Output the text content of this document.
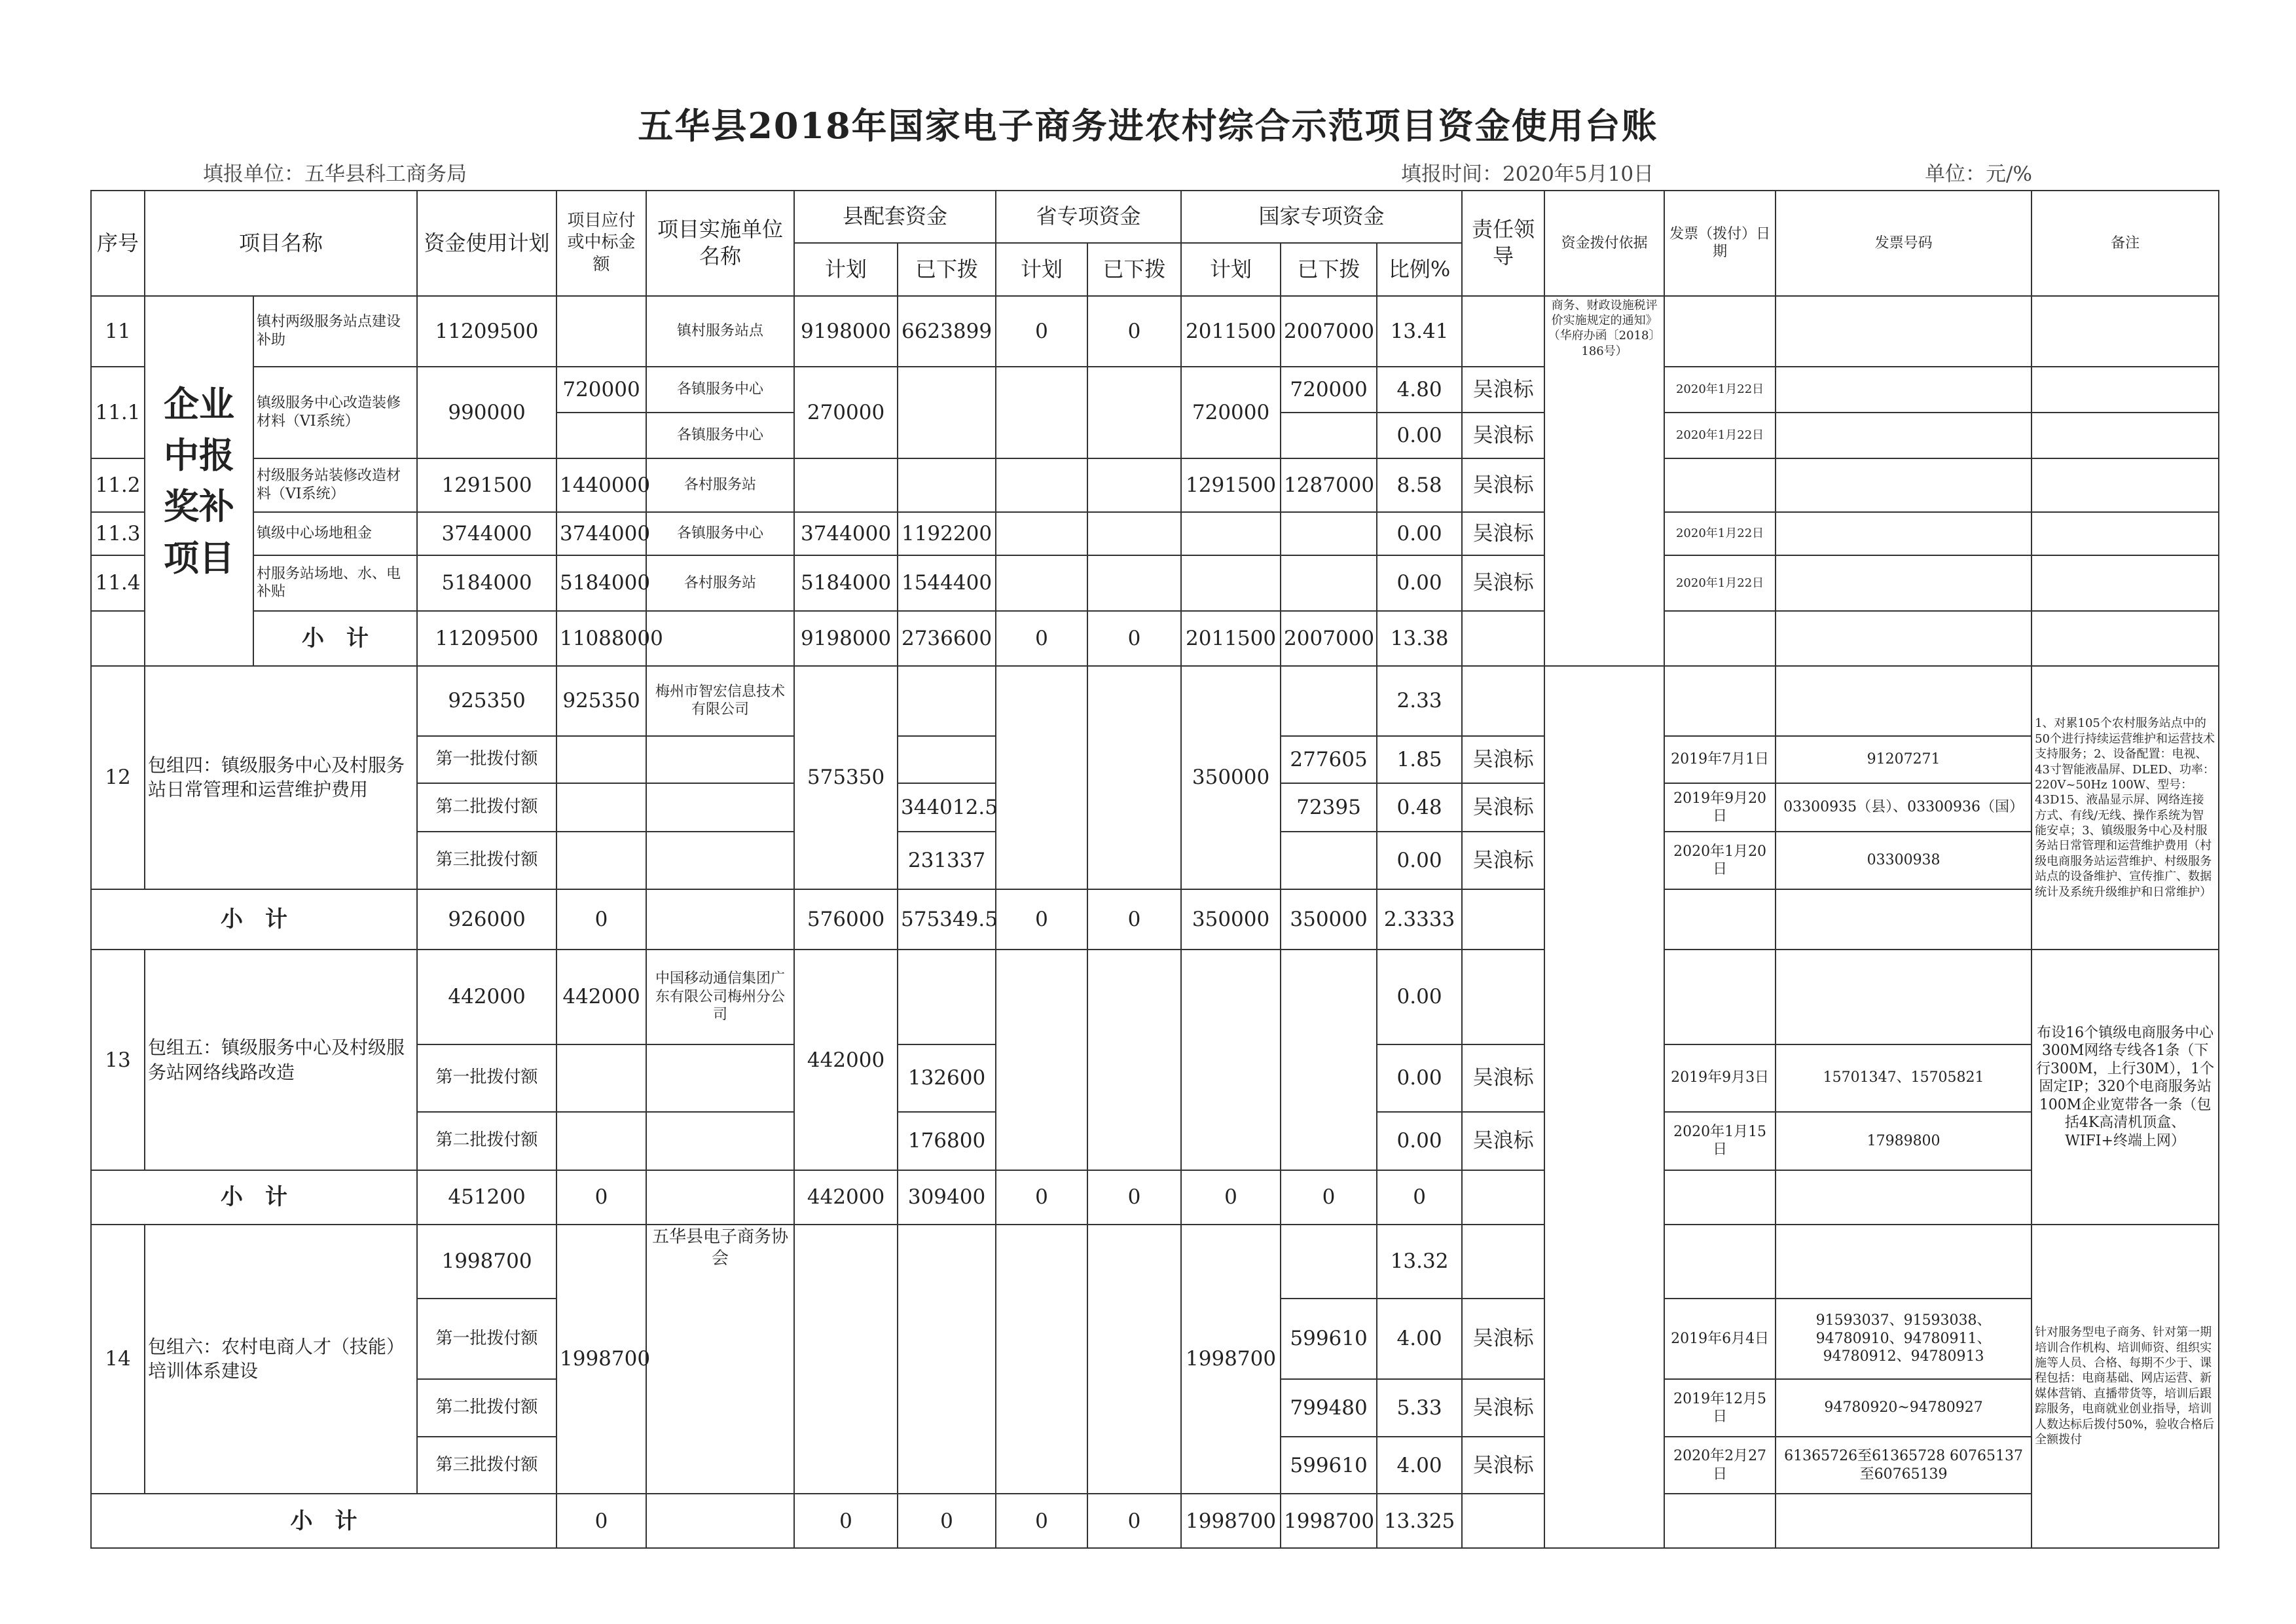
五华县2018年国家电子商务进农村综合示范项目资金使用台账
填报单位：五华县科工商务局	填报时间：2020年5月10日	单位：元/%
序号	项目名称		资金使用计划	项目应付或中标金额	项目实施单位名称	县配套资金		省专项资金		国家专项资金			责任领导	资金拨付依据	发票（拨付）日期	发票号码	备注
						计划	已下拨	计划	已下拨	计划	已下拨	比例%					
11	企业中报奖补项目	镇村两级服务站点建设补助	11209500		镇村服务站点	9198000	6623899	0	0	2011500	2007000	13.41		商务、财政设施税评价实施规定的通知》（华府办函〔2018〕186号）			
11.1		镇级服务中心改造装修材料（VI系统）	990000	720000	各镇服务中心	270000				720000	720000	4.80	吴浪标		2020年1月22日		
					各镇服务中心							0.00	吴浪标		2020年1月22日		
11.2		村级服务站装修改造材料（VI系统）	1291500	1440000	各村服务站					1291500	1287000	8.58	吴浪标				
11.3		镇级中心场地租金	3744000	3744000	各镇服务中心	3744000	1192200					0.00	吴浪标		2020年1月22日		
11.4		村服务站场地、水、电补贴	5184000	5184000	各村服务站	5184000	1544400					0.00	吴浪标		2020年1月22日		
		小　计	11209500	11088000		9198000	2736600	0	0	2011500	2007000	13.38					
12	包组四：镇级服务中心及村服务站日常管理和运营维护费用		925350	925350	梅州市智宏信息技术有限公司	575350				350000		2.33					1、对累105个农村服务站点中的50个进行持续运营维护和运营技术支持服务；2、设备配置：电视、43寸智能液晶屏、DLED、功率：220V~50Hz 100W、型号：43D15、液晶显示屏、网络连接方式、有线/无线、操作系统为智能安卓；3、镇级服务中心及村服务站日常管理和运营维护费用（村级电商服务站运营维护、村级服务站点的设备维护、宣传推广、数据统计及系统升级维护和日常维护）
			第一批拨付额								277605	1.85	吴浪标		2019年7月1日	91207271	
			第二批拨付额				344012.5				72395	0.48	吴浪标		2019年9月20日	03300935（县）、03300936（国）	
			第三批拨付额				231337					0.00	吴浪标		2020年1月20日	03300938	
小　计			926000	0		576000	575349.5	0	0	350000	350000	2.3333					
13	包组五：镇级服务中心及村级服务站网络线路改造		442000	442000	中国移动通信集团广东有限公司梅州分公司	442000						0.00					布设16个镇级电商服务中心300M网络专线各1条（下行300M，上行30M），1个固定IP；320个电商服务站100M企业宽带各一条（包括4K高清机顶盒、WIFI+终端上网）
			第一批拨付额				132600					0.00	吴浪标		2019年9月3日	15701347、15705821	
			第二批拨付额				176800					0.00	吴浪标		2020年1月15日	17989800	
小　计			451200	0		442000	309400	0	0	0	0	0					
14	包组六：农村电商人才（技能）培训体系建设		1998700	1998700	五华县电子商务协会					1998700		13.32					针对服务型电子商务、针对第一期培训合作机构、培训师资、组织实施等人员、合格、每期不少于、课程包括：电商基础、网店运营、新媒体营销、直播带货等，培训后跟踪服务，电商就业创业指导，培训人数达标后拨付50%，验收合格后全额拨付
			第一批拨付额								599610	4.00	吴浪标		2019年6月4日	91593037、91593038、94780910、94780911、94780912、94780913	
			第二批拨付额								799480	5.33	吴浪标		2019年12月5日	94780920~94780927	
			第三批拨付额								599610	4.00	吴浪标		2020年2月27日	61365726至61365728 60765137至60765139	
小　计				0		0	0	0	0	1998700	1998700	13.325					
